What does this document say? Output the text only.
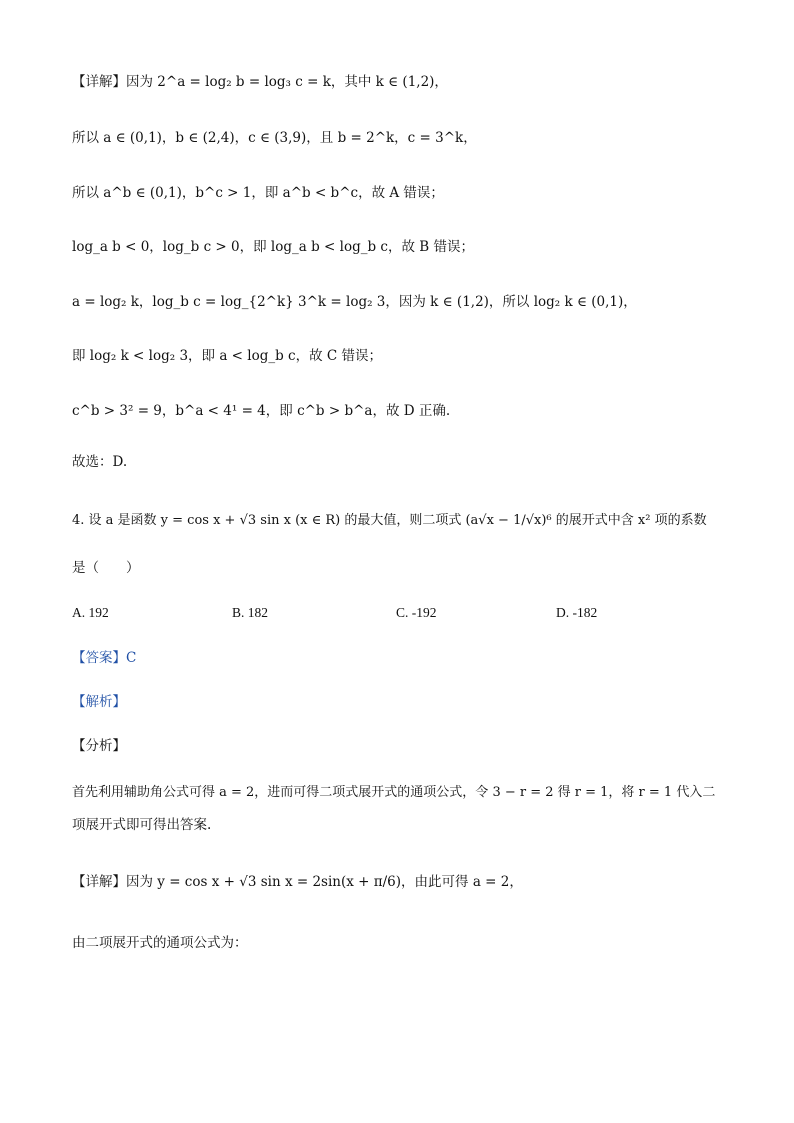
【详解】因为 2^a = log₂ b = log₃ c = k，其中 k ∈ (1,2)，
所以 a ∈ (0,1)，b ∈ (2,4)，c ∈ (3,9)，且 b = 2^k，c = 3^k，
所以 a^b ∈ (0,1)，b^c > 1，即 a^b < b^c，故 A 错误；
log_a b < 0，log_b c > 0，即 log_a b < log_b c，故 B 错误；
a = log₂ k，log_b c = log_{2^k} 3^k = log₂ 3，因为 k ∈ (1,2)，所以 log₂ k ∈ (0,1)，
即 log₂ k < log₂ 3，即 a < log_b c，故 C 错误；
c^b > 3² = 9，b^a < 4¹ = 4，即 c^b > b^a，故 D 正确.
故选：D.
4. 设 a 是函数 y = cos x + √3 sin x (x ∈ R) 的最大值，则二项式 (a√x − 1/√x)⁶ 的展开式中含 x² 项的系数
是（　　）
A. 192	B. 182	C. -192	D. -182
【答案】C
【解析】
【分析】
首先利用辅助角公式可得 a = 2，进而可得二项式展开式的通项公式，令 3 − r = 2 得 r = 1，将 r = 1 代入二
项展开式即可得出答案.
【详解】因为 y = cos x + √3 sin x = 2sin(x + π/6)，由此可得 a = 2，
由二项展开式的通项公式为：
